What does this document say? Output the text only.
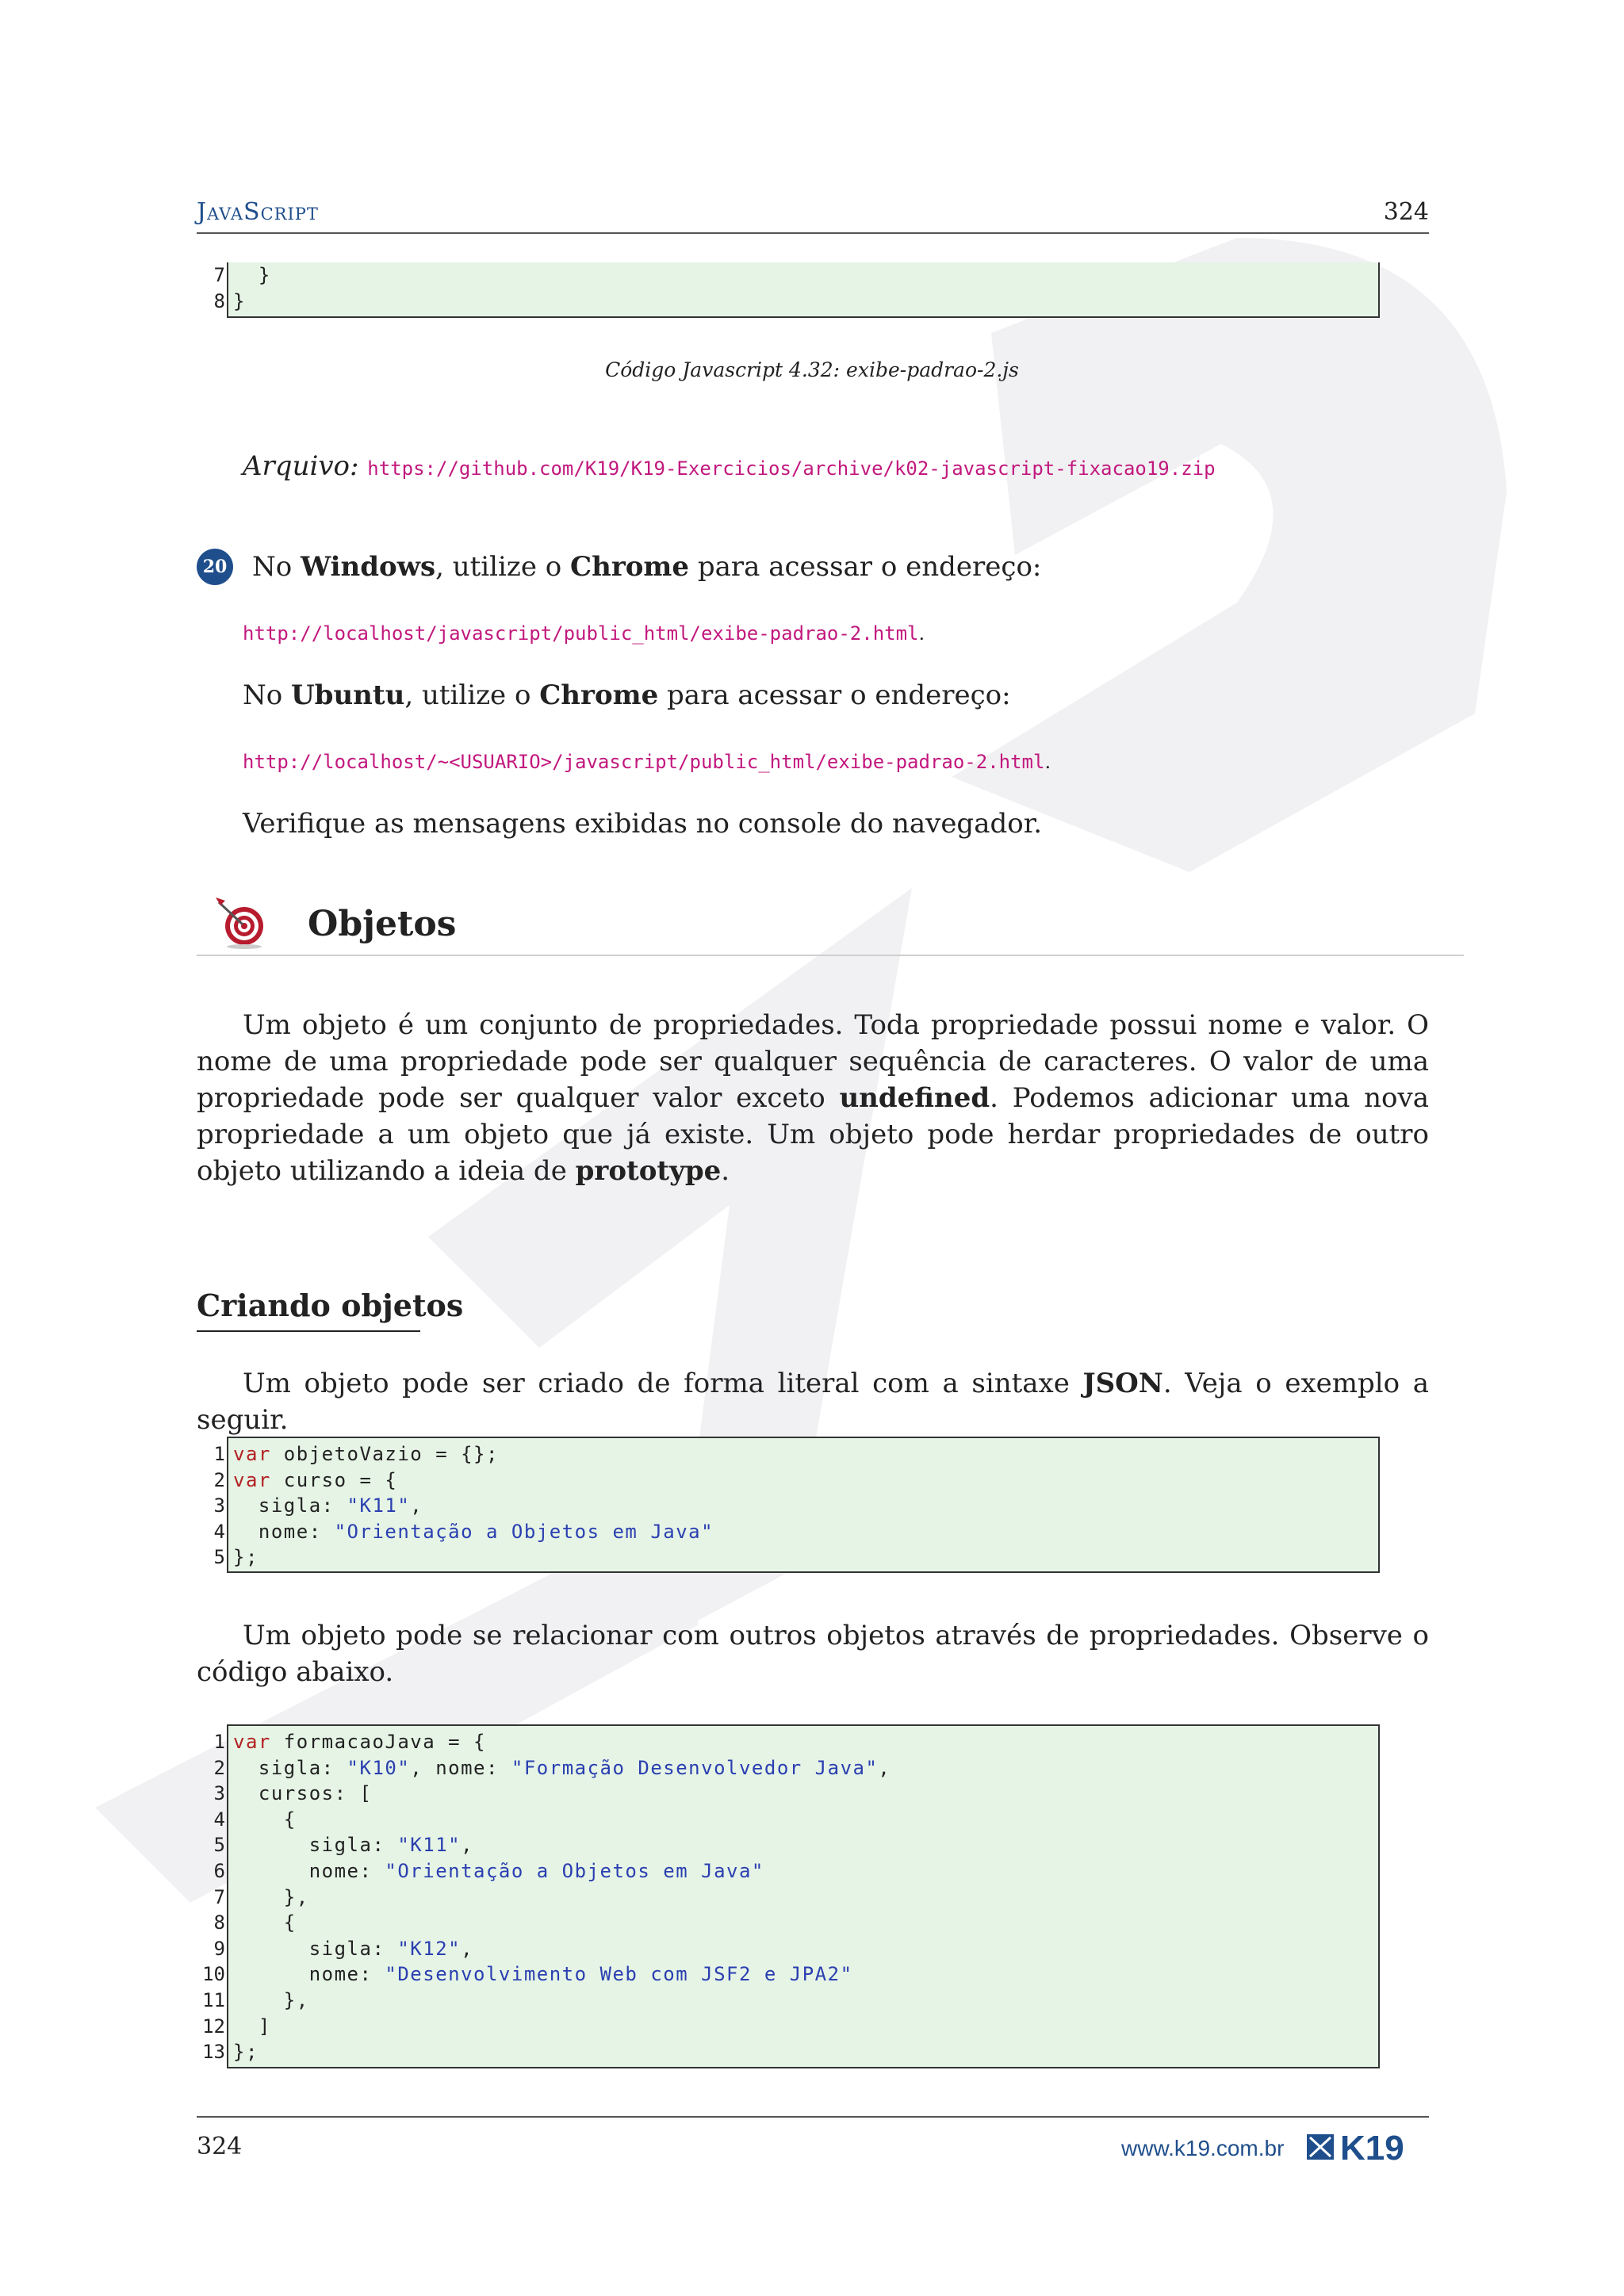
JavaScript	324
7
8
}
}
Código Javascript 4.32: exibe-padrao-2.js
Arquivo: https://github.com/K19/K19-Exercicios/archive/k02-javascript-fixacao19.zip
20 No Windows, utilize o Chrome para acessar o endereço:
http://localhost/javascript/public_html/exibe-padrao-2.html.
No Ubuntu, utilize o Chrome para acessar o endereço:
http://localhost/~<USUARIO>/javascript/public_html/exibe-padrao-2.html.
Verifique as mensagens exibidas no console do navegador.
Objetos
Um objeto é um conjunto de propriedades. Toda propriedade possui nome e valor. O nome de uma propriedade pode ser qualquer sequência de caracteres. O valor de uma propriedade pode ser qualquer valor exceto undefined. Podemos adicionar uma nova propriedade a um objeto que já existe. Um objeto pode herdar propriedades de outro objeto utilizando a ideia de prototype.
Criando objetos
Um objeto pode ser criado de forma literal com a sintaxe JSON. Veja o exemplo a seguir.
1
2
3
4
5
var objetoVazio = {};
var curso = {
sigla: "K11",
nome: "Orientação a Objetos em Java"
};
Um objeto pode se relacionar com outros objetos através de propriedades. Observe o código abaixo.
1
2
3
4
5
6
7
8
9
10
11
12
13
var formacaoJava = {
sigla: "K10", nome: "Formação Desenvolvedor Java",
cursos: [
{
sigla: "K11",
nome: "Orientação a Objetos em Java"
},
{
sigla: "K12",
nome: "Desenvolvimento Web com JSF2 e JPA2"
},
]
};
324	www.k19.com.br K19
